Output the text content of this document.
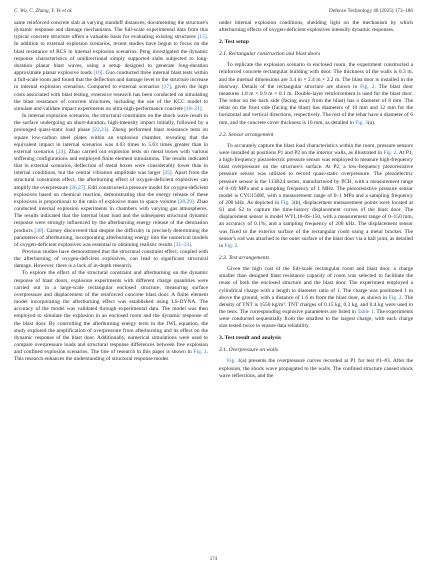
C. Wu, C. Zhang, Y. Ye et al.	Defence Technology 48 (2025) 173–186

same reinforced concrete slab at varying standoff distances, documenting the structure's dynamic response and damage mechanisms. The full-scale experimental data from this typical concrete structure offers a valuable basis for evaluating existing structures [15]. In addition to external explosion scenarios, recent studies have begun to focus on the blast resistance of RCS in internal explosion scenarios. Peng investigated the dynamic response characteristics of unidirectional simply supported slabs subjected to long-duration planar blast waves, using a setup designed to generate long-duration approximate planar explosive loads [16]. Guo conducted three internal blast tests within a full-scale room and found that the deflection and damage level to the structure increase in internal explosion scenarios. Compared to external scenarios [17], given the high costs associated with blast testing, extensive research has been conducted on simulating the blast resistance of concrete structures, including the use of the KCC model to simulate and validate impact experiments on ultra-high-performance concrete [18–21].

In internal explosion scenarios, the structural constraints on the shock wave result in the surface undergoing an short-duration, high-intensity impact initially, followed by a prolonged quasi-static load phase [22,23]. Zheng performed blast resistance tests on square low-carbon steel plates within an explosion chamber, revealing that the equivalent impact in internal scenarios was 4.03 times to 5.63 times greater than in external scenarios [24]. Zhao carried out explosion tests on metal boxes with various stiffening configurations and employed finite element simulations. The results indicated that in external scenarios, deflection of metal boxes were considerably lower than in internal conditions, but the central vibration amplitude was larger [25]. Apart from the structural constraints effect, the afterburning effect of oxygen-deficient explosives can amplify the overpressure [26,27]. Edri constructed a pressure model for oxygen-deficient explosives based on chemical reaction, demonstrating that the energy release of these explosives is proportional to the ratio of explosive mass to space volume [28,29]. Zhao conducted internal explosion experiments in chambers with varying gas atmospheres. The results indicated that the internal blast load and the subsequent structural dynamic response were strongly influenced by the afterburning energy release of the detonation products [30]. Carney discovered that despite the difficulty in precisely determining the parameters of afterburning, incorporating afterburning energy into the numerical models of oxygen-deficient explosives was essential to obtaining realistic results [31–33].

Previous studies have demonstrated that the structural constraint effect, coupled with the afterburning of oxygen-deficient explosives, can lead to significant structural damage. However, there is a lack of in-depth research.

To explore the effect of the structural constraint and afterburning on the dynamic response of blast doors, explosion experiments with different charge quantities were carried out in a large-scale rectangular enclosed structure, measuring surface overpressure and displacement of the reinforced concrete blast door. A finite element model incorporating the afterburning effect was established using LS-DYNA. The accuracy of the model was validated through experimental data. The model was then employed to simulate the explosion in an enclosed room and the dynamic response of the blast door. By controlling the afterburning energy term in the JWL equation, the study explored the amplification of overpressure from afterburning and its effect on the dynamic response of the blast door. Additionally, numerical simulations were used to compare overpressure loads and structural response differences between free explosion and confined explosion scenarios. The line of research in this paper is shown in Fig. 1. This research enhances the understanding of structural response modes

under internal explosion conditions, shedding light on the mechanism by which afterburning effects of oxygen-deficient explosives intensify dynamic responses.

2. Test setup
2.1. Rectangular construction and blast doors

To replicate the explosion scenario in enclosed room, the experiment constructed a reinforced concrete rectangular building with door. The thickness of the walls is 0.3 m, and the internal dimensions are 3.4 m × 2.4 m × 2.2 m. The blast door is installed in the doorway. Details of the rectangular structure are shown in Fig. 2. The blast door measures 1.8 m × 0.9 m × 0.1 m. Double-layer reinforcement is used for the blast door. The rebar on the back side (facing away from the blast) has a diameter of 8 mm. The rebar on the front side (facing the blast) has diameters of 10 mm and 12 mm for the horizontal and vertical directions, respectively. The rest of the rebar have a diameter of 6 mm, and the concrete cover thickness is 10 mm, as detailed in Fig. 3(a).

2.2. Sensor arrangement

To accurately capture the blast load characteristics within the room, pressure sensors were installed at positions P1 and P2 on the interior walls, as illustrated in Fig. 2. At P1, a high-frequency piezoelectric pressure sensor was employed to measure high-frequency blast overpressure on the structure's surface. At P2, a low-frequency piezoresistive pressure sensor was utilized to record quasi-static overpressure. The piezoelectric pressure sensor is the 113B24 series, manufactured by PCB, with a measurement range of 0–69 MPa and a sampling frequency of 1 MHz. The piezoresistive pressure sensor model is CYG1508f, with a measurement range of 0–1 MPa and a sampling frequency of 200 kHz. As depicted in Fig. 3(b), displacement measurement points were located at S1 and S2 to capture the time-history displacement curves of the blast door. The displacement sensor is model WYL10-0S-150, with a measurement range of 0–150 mm, an accuracy of 0.1%, and a sampling frequency of 200 kHz. The displacement sensor was fixed to the exterior surface of the rectangular room using a metal bracket. The sensor's rod was attached to the outer surface of the blast door via a ball joint, as detailed in Fig. 2.

2.3. Test arrangements

Given the high cost of the full-scale rectangular room and blast door, a charge smaller than designed blast resistance capacity of room was selected to facilitate the reuse of both the enclosed structure and the blast door. The experiment employed a cylindrical charge with a length to diameter ratio of 1. The charge was positioned 1 m above the ground, with a distance of 1.6 m from the blast door, as shown in Fig. 2. The density of TNT is 1550 kg/m³. TNT charges of 0.15 kg, 0.3 kg, and 0.4 kg were used in the tests. The corresponding explosive parameters are listed in Table 1. The experiments were conducted sequentially from the smallest to the largest charge, with each charge size tested twice to ensure data reliability.

3. Test result and analysis
3.1. Overpressure on walls

Fig. 4(a) presents the overpressure curves recorded at P1 for test #1–#3. After the explosion, the shock wave propagated to the walls. The confined structure caused shock wave reflections, and the

174
